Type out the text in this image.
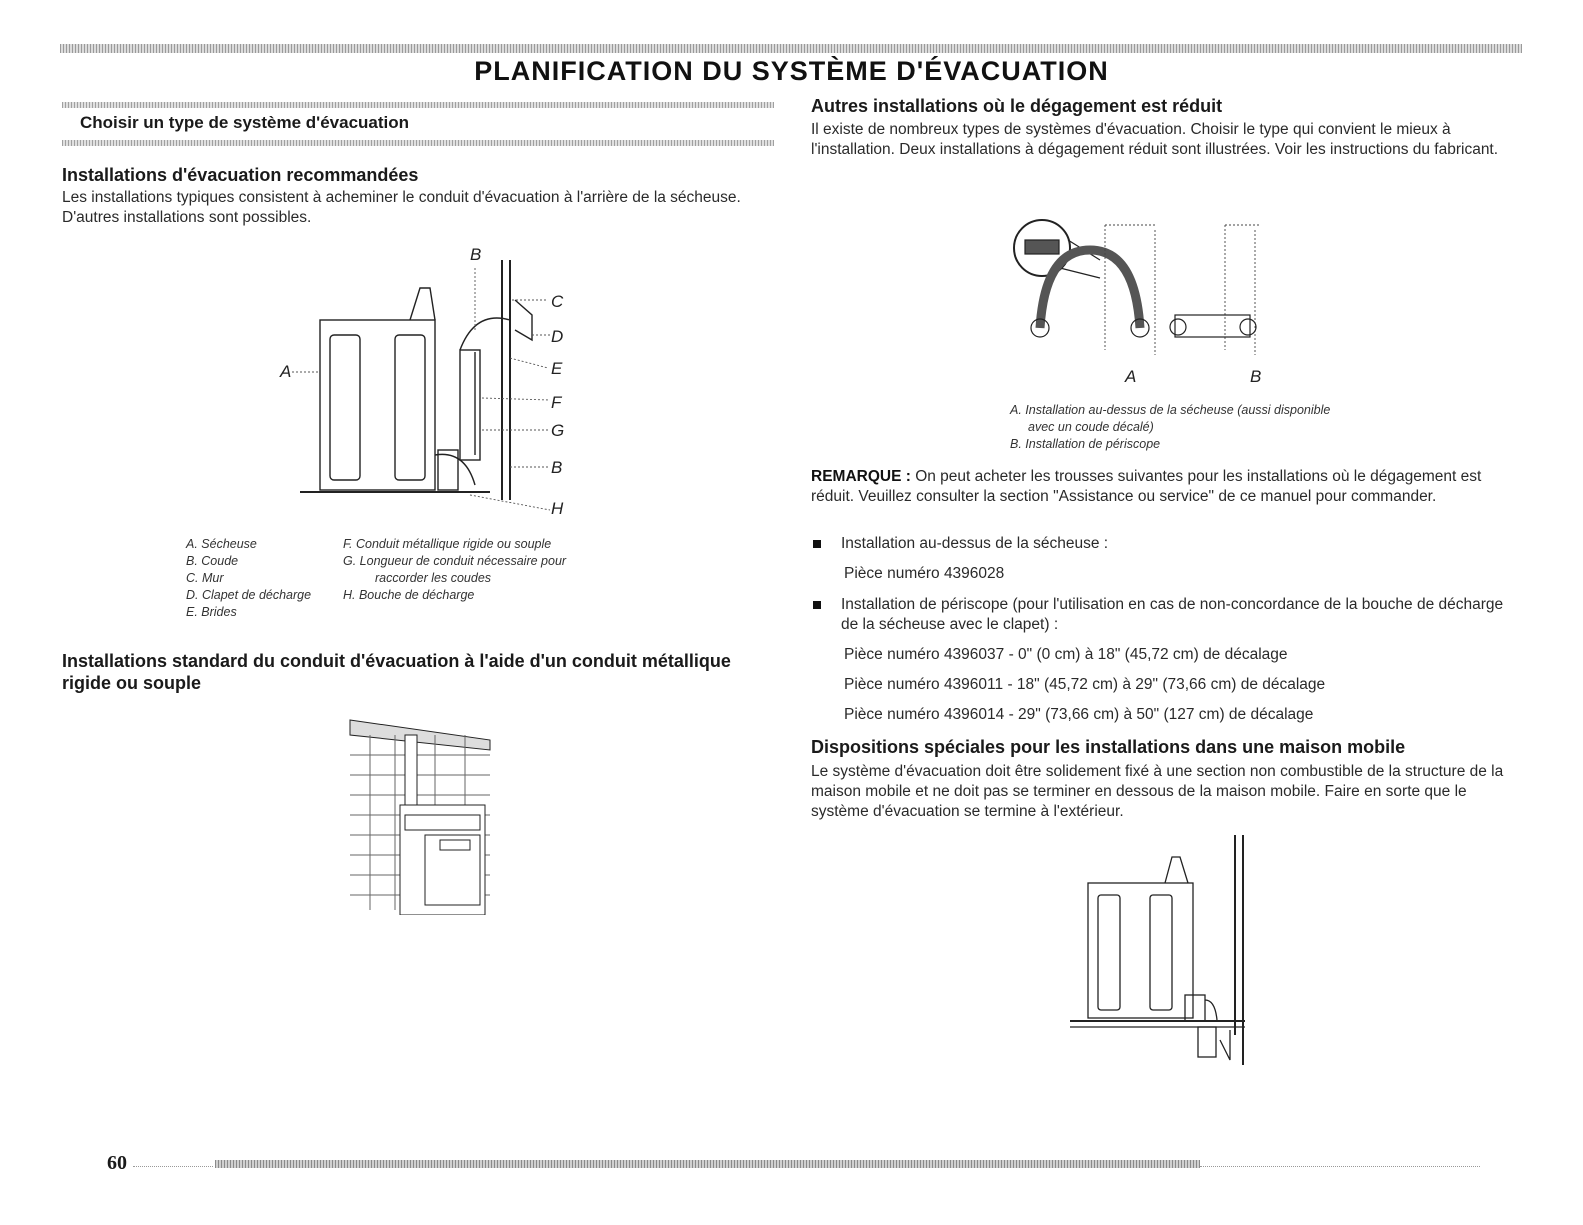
PLANIFICATION DU SYSTÈME D'ÉVACUATION
Choisir un type de système d'évacuation
Installations d'évacuation recommandées

Les installations typiques consistent à acheminer le conduit d'évacuation à l'arrière de la sécheuse. D'autres installations sont possibles.

B
C
D
E
F
G
B
H
A
A. Sécheuse
B. Coude
C. Mur
D. Clapet de décharge
E. Brides
F. Conduit métallique rigide ou souple
G. Longueur de conduit nécessaire pour
raccorder les coudes
H. Bouche de décharge
Installations standard du conduit d'évacuation à l'aide d'un conduit métallique rigide ou souple
Autres installations où le dégagement est réduit

Il existe de nombreux types de systèmes d'évacuation. Choisir le type qui convient le mieux à l'installation. Deux installations à dégagement réduit sont illustrées. Voir les instructions du fabricant.

A	B
A. Installation au-dessus de la sécheuse (aussi disponible
avec un coude décalé)
B. Installation de périscope

REMARQUE : On peut acheter les trousses suivantes pour les installations où le dégagement est réduit. Veuillez consulter la section "Assistance ou service" de ce manuel pour commander.

Installation au-dessus de la sécheuse :

Pièce numéro 4396028

Installation de périscope (pour l'utilisation en cas de non-concordance de la bouche de décharge de la sécheuse avec le clapet) :

Pièce numéro 4396037 - 0" (0 cm) à 18" (45,72 cm) de décalage

Pièce numéro 4396011 - 18" (45,72 cm) à 29" (73,66 cm) de décalage

Pièce numéro 4396014 - 29" (73,66 cm) à 50" (127 cm) de décalage

Dispositions spéciales pour les installations dans une maison mobile

Le système d'évacuation doit être solidement fixé à une section non combustible de la structure de la maison mobile et ne doit pas se terminer en dessous de la maison mobile. Faire en sorte que le système d'évacuation se termine à l'extérieur.

60
